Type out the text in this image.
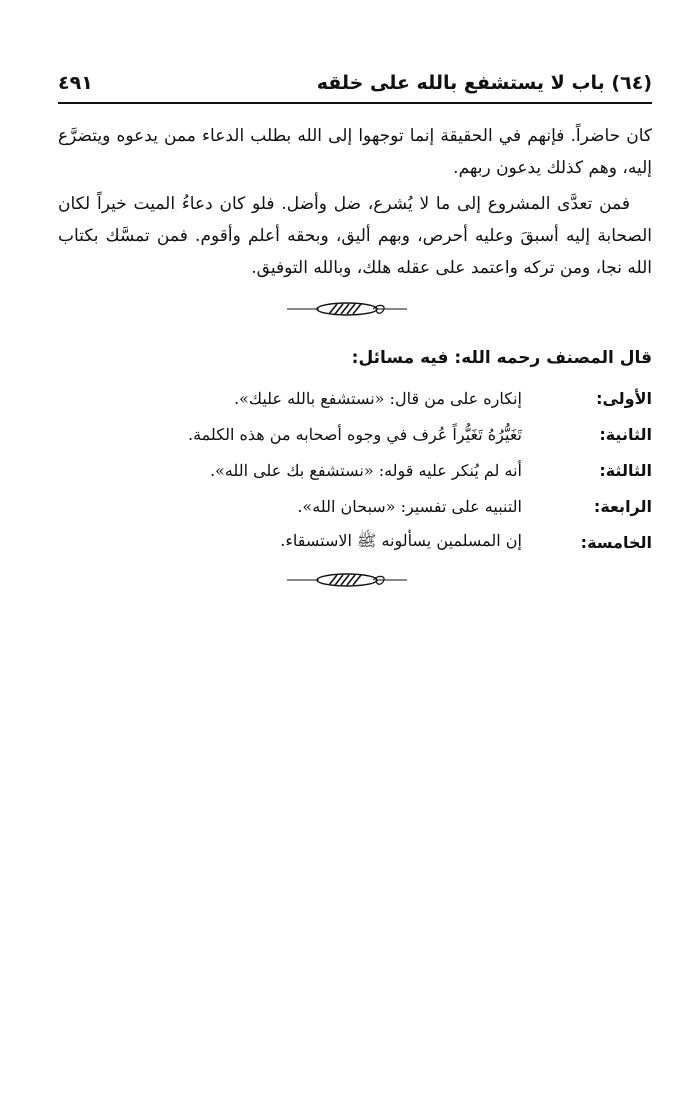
(٦٤) باب لا يستشفع بالله على خلقه
٤٩١

كان حاضراً. فإنهم في الحقيقة إنما توجهوا إلى الله بطلب الدعاء ممن يدعوه ويتضرَّع إليه، وهم كذلك يدعون ربهم.

فمن تعدَّى المشروع إلى ما لا يُشرع، ضل وأضل. فلو كان دعاءُ الميت خيراً لكان الصحابة إليه أسبقَ وعليه أحرص، وبهم أليق، وبحقه أعلم وأقوم. فمن تمسَّك بكتاب الله نجا، ومن تركه واعتمد على عقله هلك، وبالله التوفيق.

قال المصنف رحمه الله: فيه مسائل:
الأولى:
إنكاره على من قال: «نستشفع بالله عليك».
الثانية:
تَغَيُّرُهُ تَغَيُّراً عُرف في وجوه أصحابه من هذه الكلمة.
الثالثة:
أنه لم يُنكر عليه قوله: «نستشفع بك على الله».
الرابعة:
التنبيه على تفسير: «سبحان الله».
الخامسة:
إن المسلمين يسألونه ﷺ الاستسقاء.
